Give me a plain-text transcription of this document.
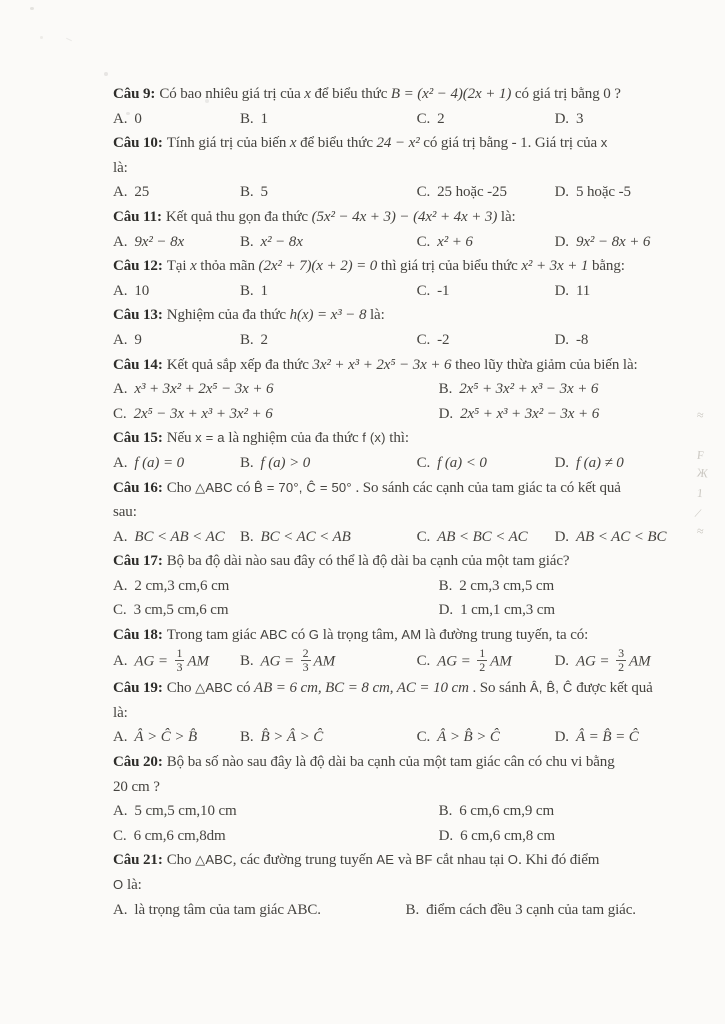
Câu 9: Có bao nhiêu giá trị của x để biểu thức B = (x² − 4)(2x + 1) có giá trị bằng 0 ?

A. 0	B. 1	C. 2	D. 3

Câu 10: Tính giá trị của biến x để biểu thức 24 − x² có giá trị bằng - 1. Giá trị của x
là:

A. 25	B. 5	C. 25 hoặc -25	D. 5 hoặc -5

Câu 11: Kết quả thu gọn đa thức (5x² − 4x + 3) − (4x² + 4x + 3) là:

A. 9x² − 8x	B. x² − 8x	C. x² + 6	D. 9x² − 8x + 6

Câu 12: Tại x thỏa mãn (2x² + 7)(x + 2) = 0 thì giá trị của biểu thức x² + 3x + 1 bằng:

A. 10	B. 1	C. -1	D. 11

Câu 13: Nghiệm của đa thức h(x) = x³ − 8 là:

A. 9	B. 2	C. -2	D. -8

Câu 14: Kết quả sắp xếp đa thức 3x² + x³ + 2x⁵ − 3x + 6 theo lũy thừa giảm của biến là:

A. x³ + 3x² + 2x⁵ − 3x + 6	B. 2x⁵ + 3x² + x³ − 3x + 6
C. 2x⁵ − 3x + x³ + 3x² + 6	D. 2x⁵ + x³ + 3x² − 3x + 6

Câu 15: Nếu x = a là nghiệm của đa thức f (x) thì:

A. f (a) = 0	B. f (a) > 0	C. f (a) < 0	D. f (a) ≠ 0

Câu 16: Cho △ABC có B̂ = 70°, Ĉ = 50° . So sánh các cạnh của tam giác ta có kết quả
sau:

A. BC < AB < AC	B. BC < AC < AB	C. AB < BC < AC	D. AB < AC < BC

Câu 17: Bộ ba độ dài nào sau đây có thể là độ dài ba cạnh của một tam giác?

A. 2 cm,3 cm,6 cm	B. 2 cm,3 cm,5 cm
C. 3 cm,5 cm,6 cm	D. 1 cm,1 cm,3 cm

Câu 18: Trong tam giác ABC có G là trọng tâm, AM là đường trung tuyến, ta có:

A. AG = $\frac{1}{3}$ AM	B. AG = $\frac{2}{3}$ AM	C. AG = $\frac{1}{2}$ AM	D. AG = $\frac{3}{2}$ AM

Câu 19: Cho △ABC có AB = 6 cm, BC = 8 cm, AC = 10 cm . So sánh Â, B̂, Ĉ được kết quả
là:

A. Â > Ĉ > B̂	B. B̂ > Â > Ĉ	C. Â > B̂ > Ĉ	D. Â = B̂ = Ĉ

Câu 20: Bộ ba số nào sau đây là độ dài ba cạnh của một tam giác cân có chu vi bằng
20 cm ?

A. 5 cm,5 cm,10 cm	B. 6 cm,6 cm,9 cm
C. 6 cm,6 cm,8dm	D. 6 cm,6 cm,8 cm

Câu 21: Cho △ABC, các đường trung tuyến AE và BF cắt nhau tại O. Khi đó điểm
O là:

A. là trọng tâm của tam giác ABC.	B. điểm cách đều 3 cạnh của tam giác.
≈
F
Ж
1
∕
≈
